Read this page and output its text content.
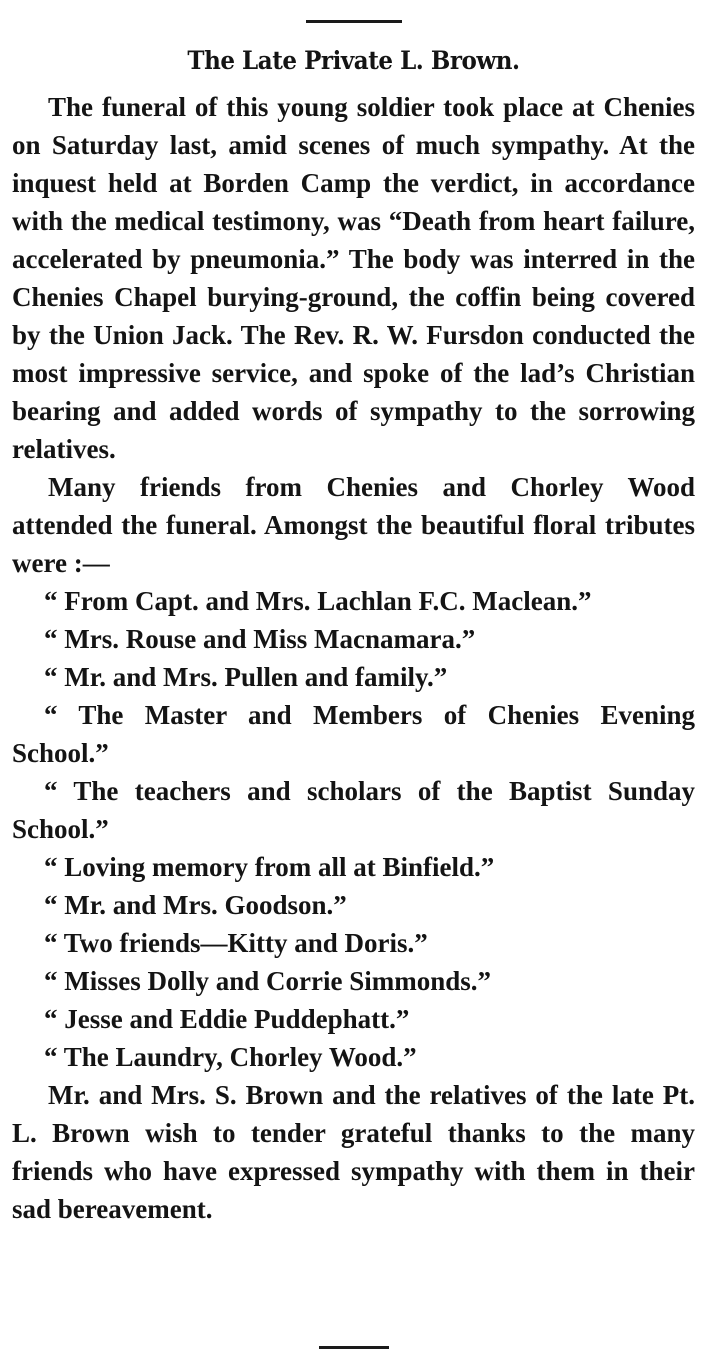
The Late Private L. Brown.

The funeral of this young soldier took place at Chenies on Saturday last, amid scenes of much sympathy. At the inquest held at Borden Camp the verdict, in accordance with the medical testimony, was “Death from heart failure, accelerated by pneumonia.” The body was interred in the Chenies Chapel burying-ground, the coffin being covered by the Union Jack. The Rev. R. W. Fursdon conducted the most impressive service, and spoke of the lad’s Christian bearing and added words of sympathy to the sorrowing relatives.

Many friends from Chenies and Chorley Wood attended the funeral. Amongst the beautiful floral tributes were :—

“ From Capt. and Mrs. Lachlan F.C. Maclean.”

“ Mrs. Rouse and Miss Macnamara.”

“ Mr. and Mrs. Pullen and family.”

“ The Master and Members of Chenies Evening School.”

“ The teachers and scholars of the Baptist Sunday School.”

“ Loving memory from all at Binfield.”

“ Mr. and Mrs. Goodson.”

“ Two friends—Kitty and Doris.”

“ Misses Dolly and Corrie Simmonds.”

“ Jesse and Eddie Puddephatt.”

“ The Laundry, Chorley Wood.”

Mr. and Mrs. S. Brown and the relatives of the late Pt. L. Brown wish to tender grateful thanks to the many friends who have expressed sympathy with them in their sad bereavement.
